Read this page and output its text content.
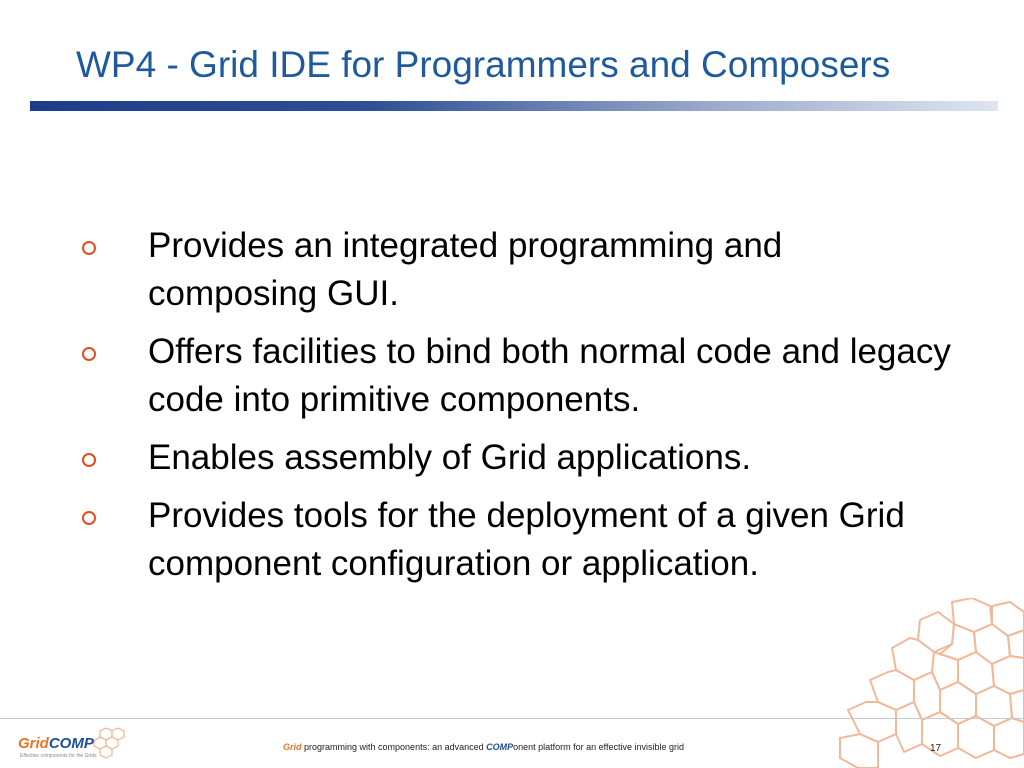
WP4 - Grid IDE for Programmers and Composers
Provides an integrated programming and composing GUI.
Offers facilities to bind both normal code and legacy code into primitive components.
Enables assembly of Grid applications.
Provides tools for the deployment of a given Grid component configuration or application.
GridCOMP
Effective components for the Grids
Grid programming with components: an advanced COMPonent platform for an effective invisible grid	17
